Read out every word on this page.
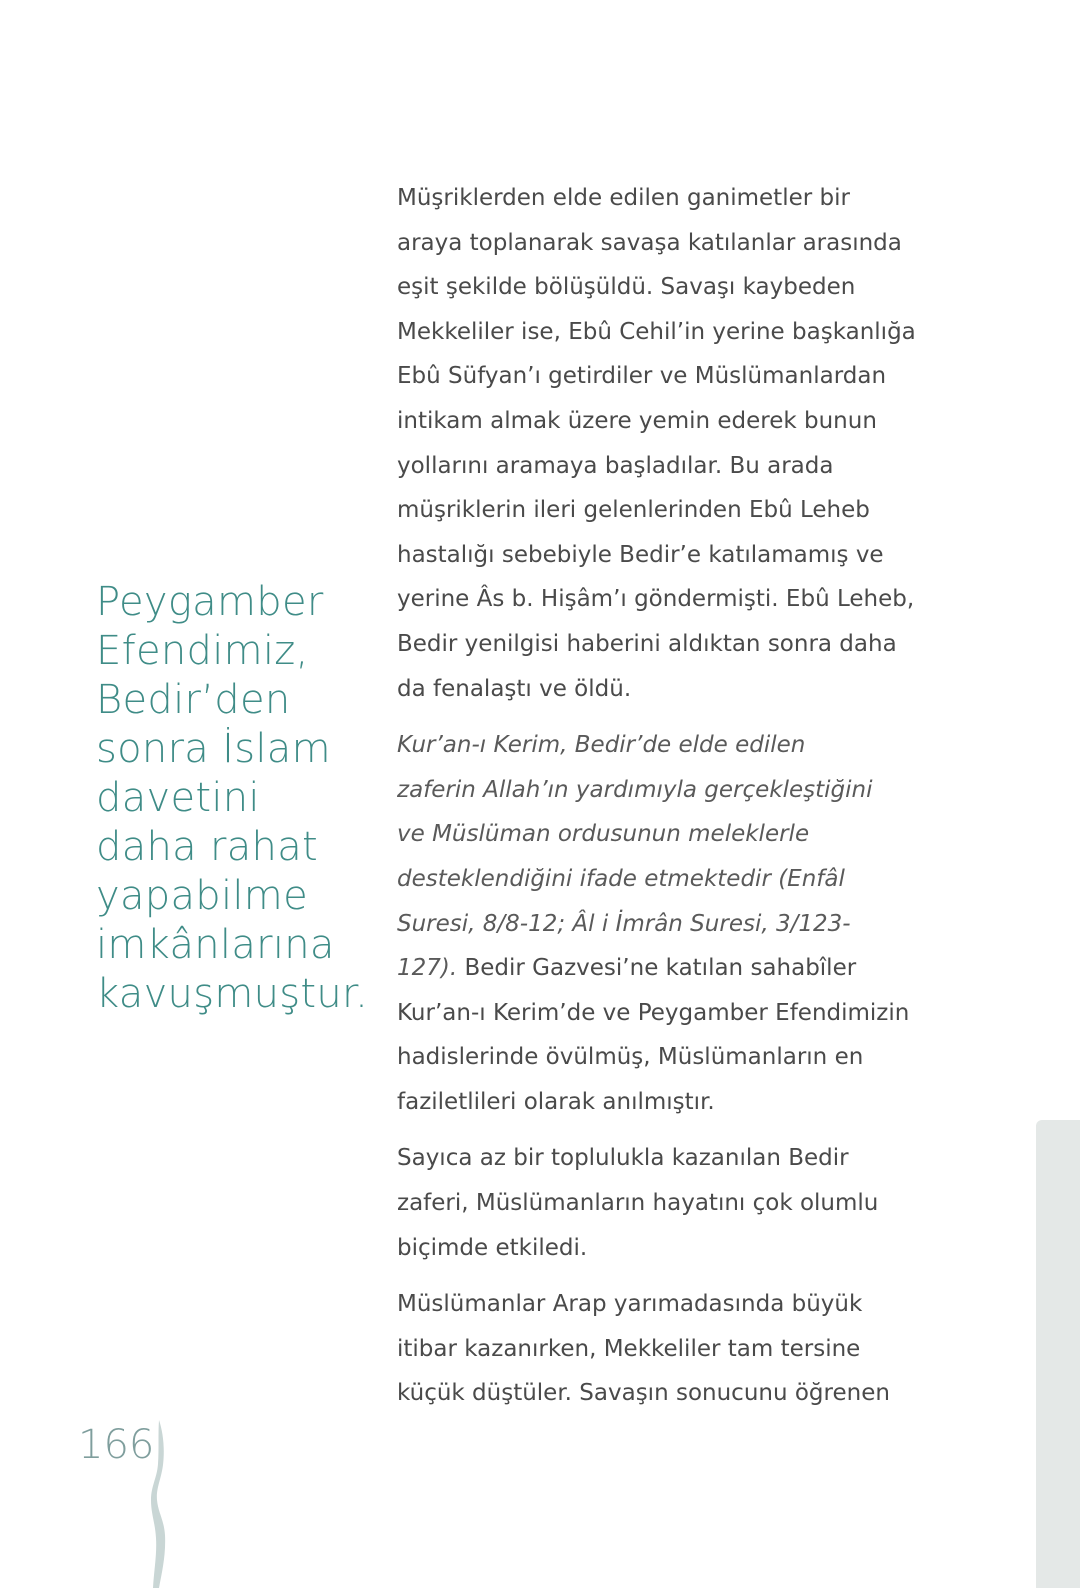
Peygamber
Efendimiz,
Bedir’den
sonra İslam
davetini
daha rahat
yapabilme
imkânlarına
kavuşmuştur.

Müşriklerden elde edilen ganimetler bir
araya toplanarak savaşa katılanlar arasında
eşit şekilde bölüşüldü. Savaşı kaybeden
Mekkeliler ise, Ebû Cehil’in yerine başkanlığa
Ebû Süfyan’ı getirdiler ve Müslümanlardan
intikam almak üzere yemin ederek bunun
yollarını aramaya başladılar. Bu arada
müşriklerin ileri gelenlerinden Ebû Leheb
hastalığı sebebiyle Bedir’e katılamamış ve
yerine Âs b. Hişâm’ı göndermişti. Ebû Leheb,
Bedir yenilgisi haberini aldıktan sonra daha
da fenalaştı ve öldü.

Kur’an-ı Kerim, Bedir’de elde edilen
zaferin Allah’ın yardımıyla gerçekleştiğini
ve Müslüman ordusunun meleklerle
desteklendiğini ifade etmektedir (Enfâl
Suresi, 8/8-12; Âl i İmrân Suresi, 3/123-
127). Bedir Gazvesi’ne katılan sahabîler
Kur’an-ı Kerim’de ve Peygamber Efendimizin
hadislerinde övülmüş, Müslümanların en
faziletlileri olarak anılmıştır.

Sayıca az bir toplulukla kazanılan Bedir
zaferi, Müslümanların hayatını çok olumlu
biçimde etkiledi.

Müslümanlar Arap yarımadasında büyük
itibar kazanırken, Mekkeliler tam tersine
küçük düştüler. Savaşın sonucunu öğrenen

166
